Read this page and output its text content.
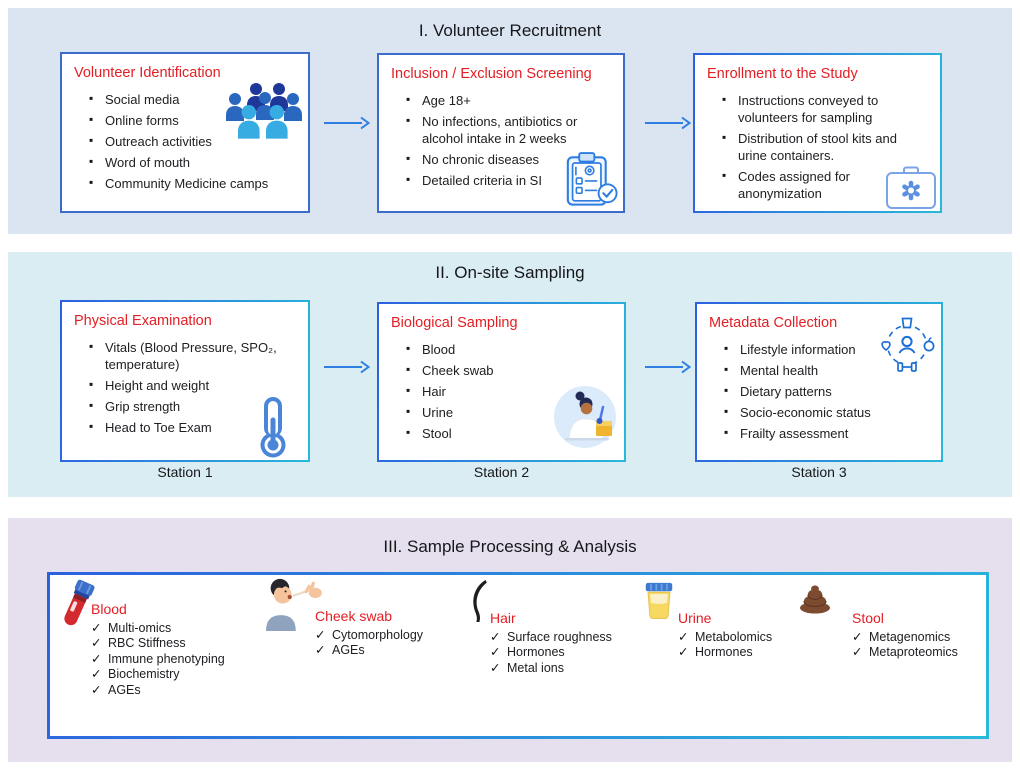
I. Volunteer Recruitment
Volunteer Identification
▪ Social media
▪ Online forms
▪ Outreach activities
▪ Word of mouth
▪ Community Medicine camps
Inclusion / Exclusion Screening
▪ Age 18+
▪ No infections, antibiotics or alcohol intake in 2 weeks
▪ No chronic diseases
▪ Detailed criteria in SI
Enrollment to the Study
▪ Instructions conveyed to volunteers for sampling
▪ Distribution of stool kits and urine containers.
▪ Codes assigned for anonymization
II. On-site Sampling
Physical Examination
▪ Vitals (Blood Pressure, SPO₂, temperature)
▪ Height and weight
▪ Grip strength
▪ Head to Toe Exam
Station 1
Biological Sampling
▪ Blood
▪ Cheek swab
▪ Hair
▪ Urine
▪ Stool
Station 2
Metadata Collection
▪ Lifestyle information
▪ Mental health
▪ Dietary patterns
▪ Socio-economic status
▪ Frailty assessment
Station 3
III. Sample Processing & Analysis
Blood
✓ Multi-omics
✓ RBC Stiffness
✓ Immune phenotyping
✓ Biochemistry
✓ AGEs
Cheek swab
✓ Cytomorphology
✓ AGEs
Hair
✓ Surface roughness
✓ Hormones
✓ Metal ions
Urine
✓ Metabolomics
✓ Hormones
Stool
✓ Metagenomics
✓ Metaproteomics
